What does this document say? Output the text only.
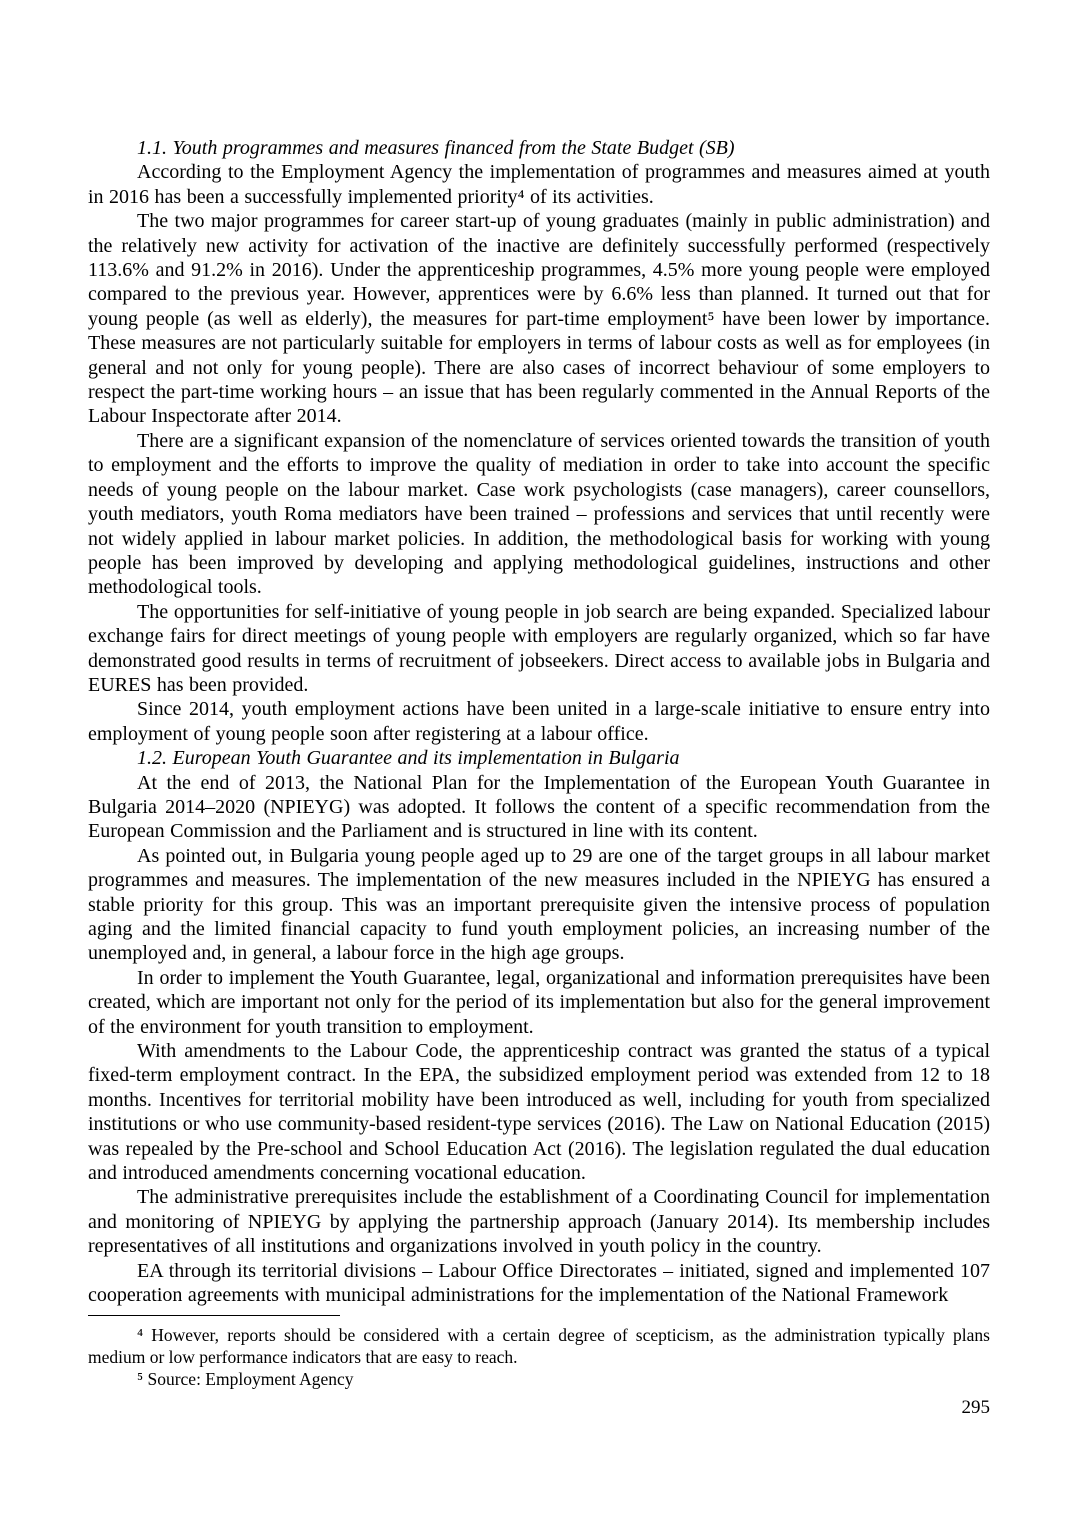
1.1. Youth programmes and measures financed from the State Budget (SB)

According to the Employment Agency the implementation of programmes and measures aimed at youth in 2016 has been a successfully implemented priority⁴ of its activities.

The two major programmes for career start-up of young graduates (mainly in public administration) and the relatively new activity for activation of the inactive are definitely successfully performed (respectively 113.6% and 91.2% in 2016). Under the apprenticeship programmes, 4.5% more young people were employed compared to the previous year. However, apprentices were by 6.6% less than planned. It turned out that for young people (as well as elderly), the measures for part-time employment⁵ have been lower by importance. These measures are not particularly suitable for employers in terms of labour costs as well as for employees (in general and not only for young people). There are also cases of incorrect behaviour of some employers to respect the part-time working hours – an issue that has been regularly commented in the Annual Reports of the Labour Inspectorate after 2014.

There are a significant expansion of the nomenclature of services oriented towards the transition of youth to employment and the efforts to improve the quality of mediation in order to take into account the specific needs of young people on the labour market. Case work psychologists (case managers), career counsellors, youth mediators, youth Roma mediators have been trained – professions and services that until recently were not widely applied in labour market policies. In addition, the methodological basis for working with young people has been improved by developing and applying methodological guidelines, instructions and other methodological tools.

The opportunities for self-initiative of young people in job search are being expanded. Specialized labour exchange fairs for direct meetings of young people with employers are regularly organized, which so far have demonstrated good results in terms of recruitment of jobseekers. Direct access to available jobs in Bulgaria and EURES has been provided.

Since 2014, youth employment actions have been united in a large-scale initiative to ensure entry into employment of young people soon after registering at a labour office.

1.2. European Youth Guarantee and its implementation in Bulgaria

At the end of 2013, the National Plan for the Implementation of the European Youth Guarantee in Bulgaria 2014–2020 (NPIEYG) was adopted. It follows the content of a specific recommendation from the European Commission and the Parliament and is structured in line with its content.

As pointed out, in Bulgaria young people aged up to 29 are one of the target groups in all labour market programmes and measures. The implementation of the new measures included in the NPIEYG has ensured a stable priority for this group. This was an important prerequisite given the intensive process of population aging and the limited financial capacity to fund youth employment policies, an increasing number of the unemployed and, in general, a labour force in the high age groups.

In order to implement the Youth Guarantee, legal, organizational and information prerequisites have been created, which are important not only for the period of its implementation but also for the general improvement of the environment for youth transition to employment.

With amendments to the Labour Code, the apprenticeship contract was granted the status of a typical fixed-term employment contract. In the EPA, the subsidized employment period was extended from 12 to 18 months. Incentives for territorial mobility have been introduced as well, including for youth from specialized institutions or who use community-based resident-type services (2016). The Law on National Education (2015) was repealed by the Pre-school and School Education Act (2016). The legislation regulated the dual education and introduced amendments concerning vocational education.

The administrative prerequisites include the establishment of a Coordinating Council for implementation and monitoring of NPIEYG by applying the partnership approach (January 2014). Its membership includes representatives of all institutions and organizations involved in youth policy in the country.

EA through its territorial divisions – Labour Office Directorates – initiated, signed and implemented 107 cooperation agreements with municipal administrations for the implementation of the National Framework

⁴ However, reports should be considered with a certain degree of scepticism, as the administration typically plans medium or low performance indicators that are easy to reach.

⁵ Source: Employment Agency

295
